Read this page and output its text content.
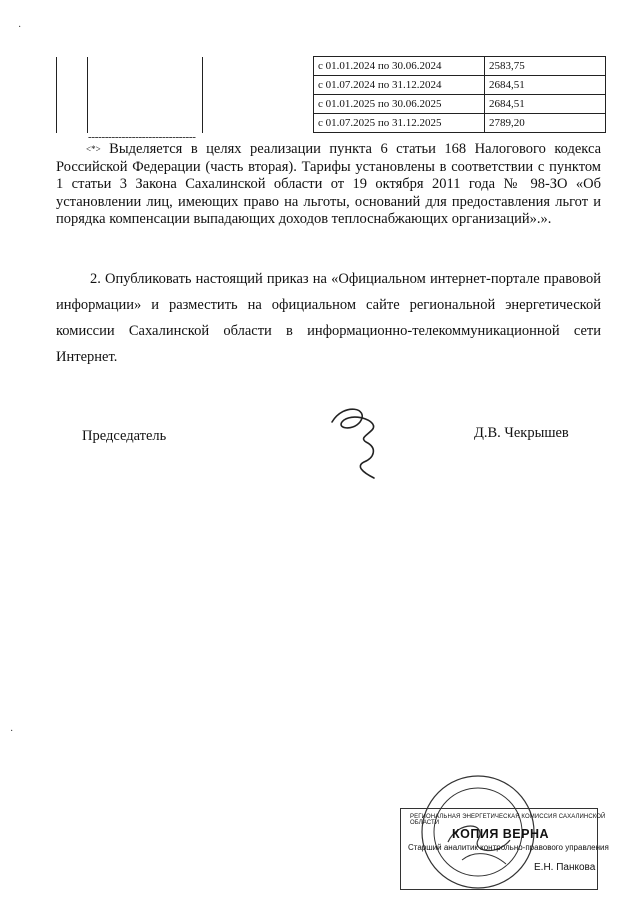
			с 01.01.2024 по 30.06.2024	2583,75
			с 01.07.2024 по 31.12.2024	2684,51
			с 01.01.2025 по 30.06.2025	2684,51
			с 01.07.2025 по 31.12.2025	2789,20
--------------------------------
<*> Выделяется в целях реализации пункта 6 статьи 168 Налогового кодекса Российской Федерации (часть вторая). Тарифы установлены в соответствии с пунктом 1 статьи 3 Закона Сахалинской области от 19 октября 2011 года № 98-ЗО «Об установлении лиц, имеющих право на льготы, оснований для предоставления льгот и порядка компенсации выпадающих доходов теплоснабжающих организаций».».
2. Опубликовать настоящий приказ на «Официальном интернет-портале правовой информации» и разместить на официальном сайте региональной энергетической комиссии Сахалинской области в информационно-телекоммуникационной сети Интернет.
Председатель	Д.В. Чекрышев
РЕГИОНАЛЬНАЯ ЭНЕРГЕТИЧЕСКАЯ КОМИССИЯ САХАЛИНСКОЙ ОБЛАСТИ
КОПИЯ ВЕРНА
Старший аналитик контрольно-правового управления
Е.Н. Панкова
·
·
